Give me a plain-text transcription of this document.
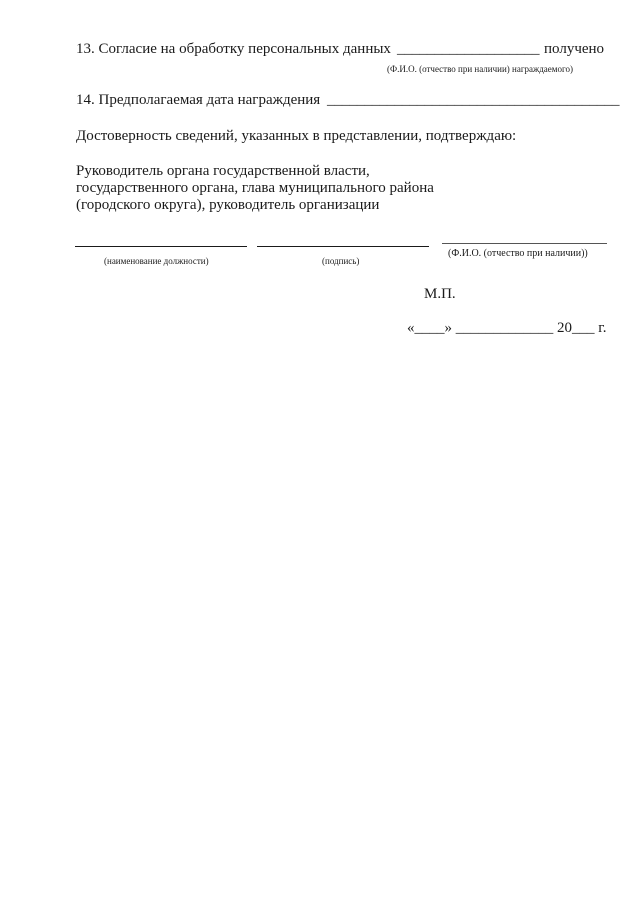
13. Согласие на обработку персональных данных ___________________ получено
(Ф.И.О. (отчество при наличии) награждаемого)
14. Предполагаемая дата награждения _______________________________________
Достоверность сведений, указанных в представлении, подтверждаю:
Руководитель органа государственной власти,
государственного органа, глава муниципального района
(городского округа), руководитель организации
(наименование должности)	(подпись)
(Ф.И.О. (отчество при наличии))
М.П.
«____» _____________ 20___ г.
